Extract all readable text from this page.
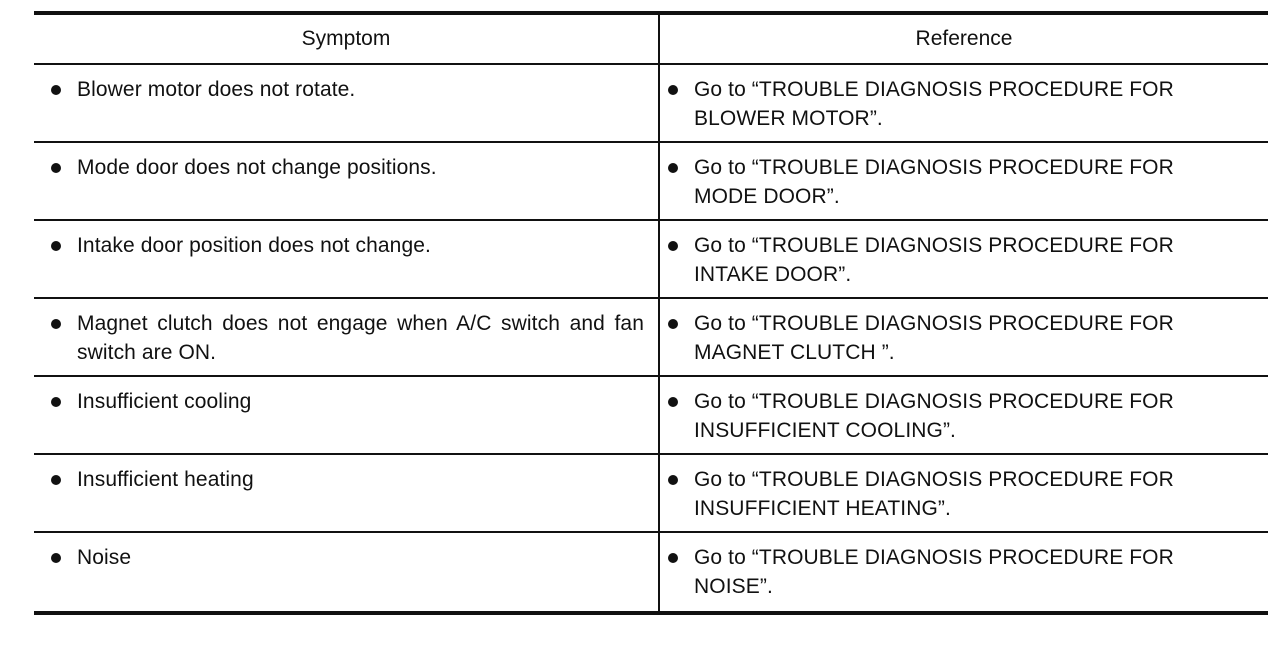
Symptom	Reference

Blower motor does not rotate.	Go to “TROUBLE DIAGNOSIS PROCEDURE FOR
BLOWER MOTOR”.

Mode door does not change positions.	Go to “TROUBLE DIAGNOSIS PROCEDURE FOR
MODE DOOR”.

Intake door position does not change.	Go to “TROUBLE DIAGNOSIS PROCEDURE FOR
INTAKE DOOR”.

Magnet clutch does not engage when A/C switch and fan switch are ON.	Go to “TROUBLE DIAGNOSIS PROCEDURE FOR
MAGNET CLUTCH ”.

Insufficient cooling	Go to “TROUBLE DIAGNOSIS PROCEDURE FOR
INSUFFICIENT COOLING”.

Insufficient heating	Go to “TROUBLE DIAGNOSIS PROCEDURE FOR
INSUFFICIENT HEATING”.

Noise	Go to “TROUBLE DIAGNOSIS PROCEDURE FOR
NOISE”.
